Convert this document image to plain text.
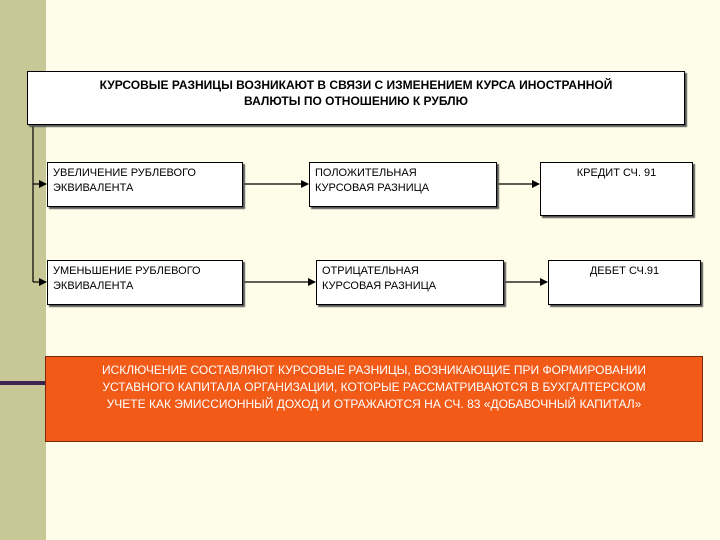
КУРСОВЫЕ РАЗНИЦЫ ВОЗНИКАЮТ В СВЯЗИ С ИЗМЕНЕНИЕМ КУРСА ИНОСТРАННОЙ
ВАЛЮТЫ ПО ОТНОШЕНИЮ К РУБЛЮ
УВЕЛИЧЕНИЕ РУБЛЕВОГО
ЭКВИВАЛЕНТА
ПОЛОЖИТЕЛЬНАЯ
КУРСОВАЯ РАЗНИЦА
КРЕДИТ СЧ. 91
УМЕНЬШЕНИЕ РУБЛЕВОГО
ЭКВИВАЛЕНТА
ОТРИЦАТЕЛЬНАЯ
КУРСОВАЯ РАЗНИЦА
ДЕБЕТ СЧ.91
ИСКЛЮЧЕНИЕ СОСТАВЛЯЮТ КУРСОВЫЕ РАЗНИЦЫ, ВОЗНИКАЮЩИЕ ПРИ ФОРМИРОВАНИИ
УСТАВНОГО КАПИТАЛА ОРГАНИЗАЦИИ, КОТОРЫЕ РАССМАТРИВАЮТСЯ В БУХГАЛТЕРСКОМ
УЧЕТЕ КАК ЭМИССИОННЫЙ ДОХОД И ОТРАЖАЮТСЯ НА СЧ. 83 «ДОБАВОЧНЫЙ КАПИТАЛ»
